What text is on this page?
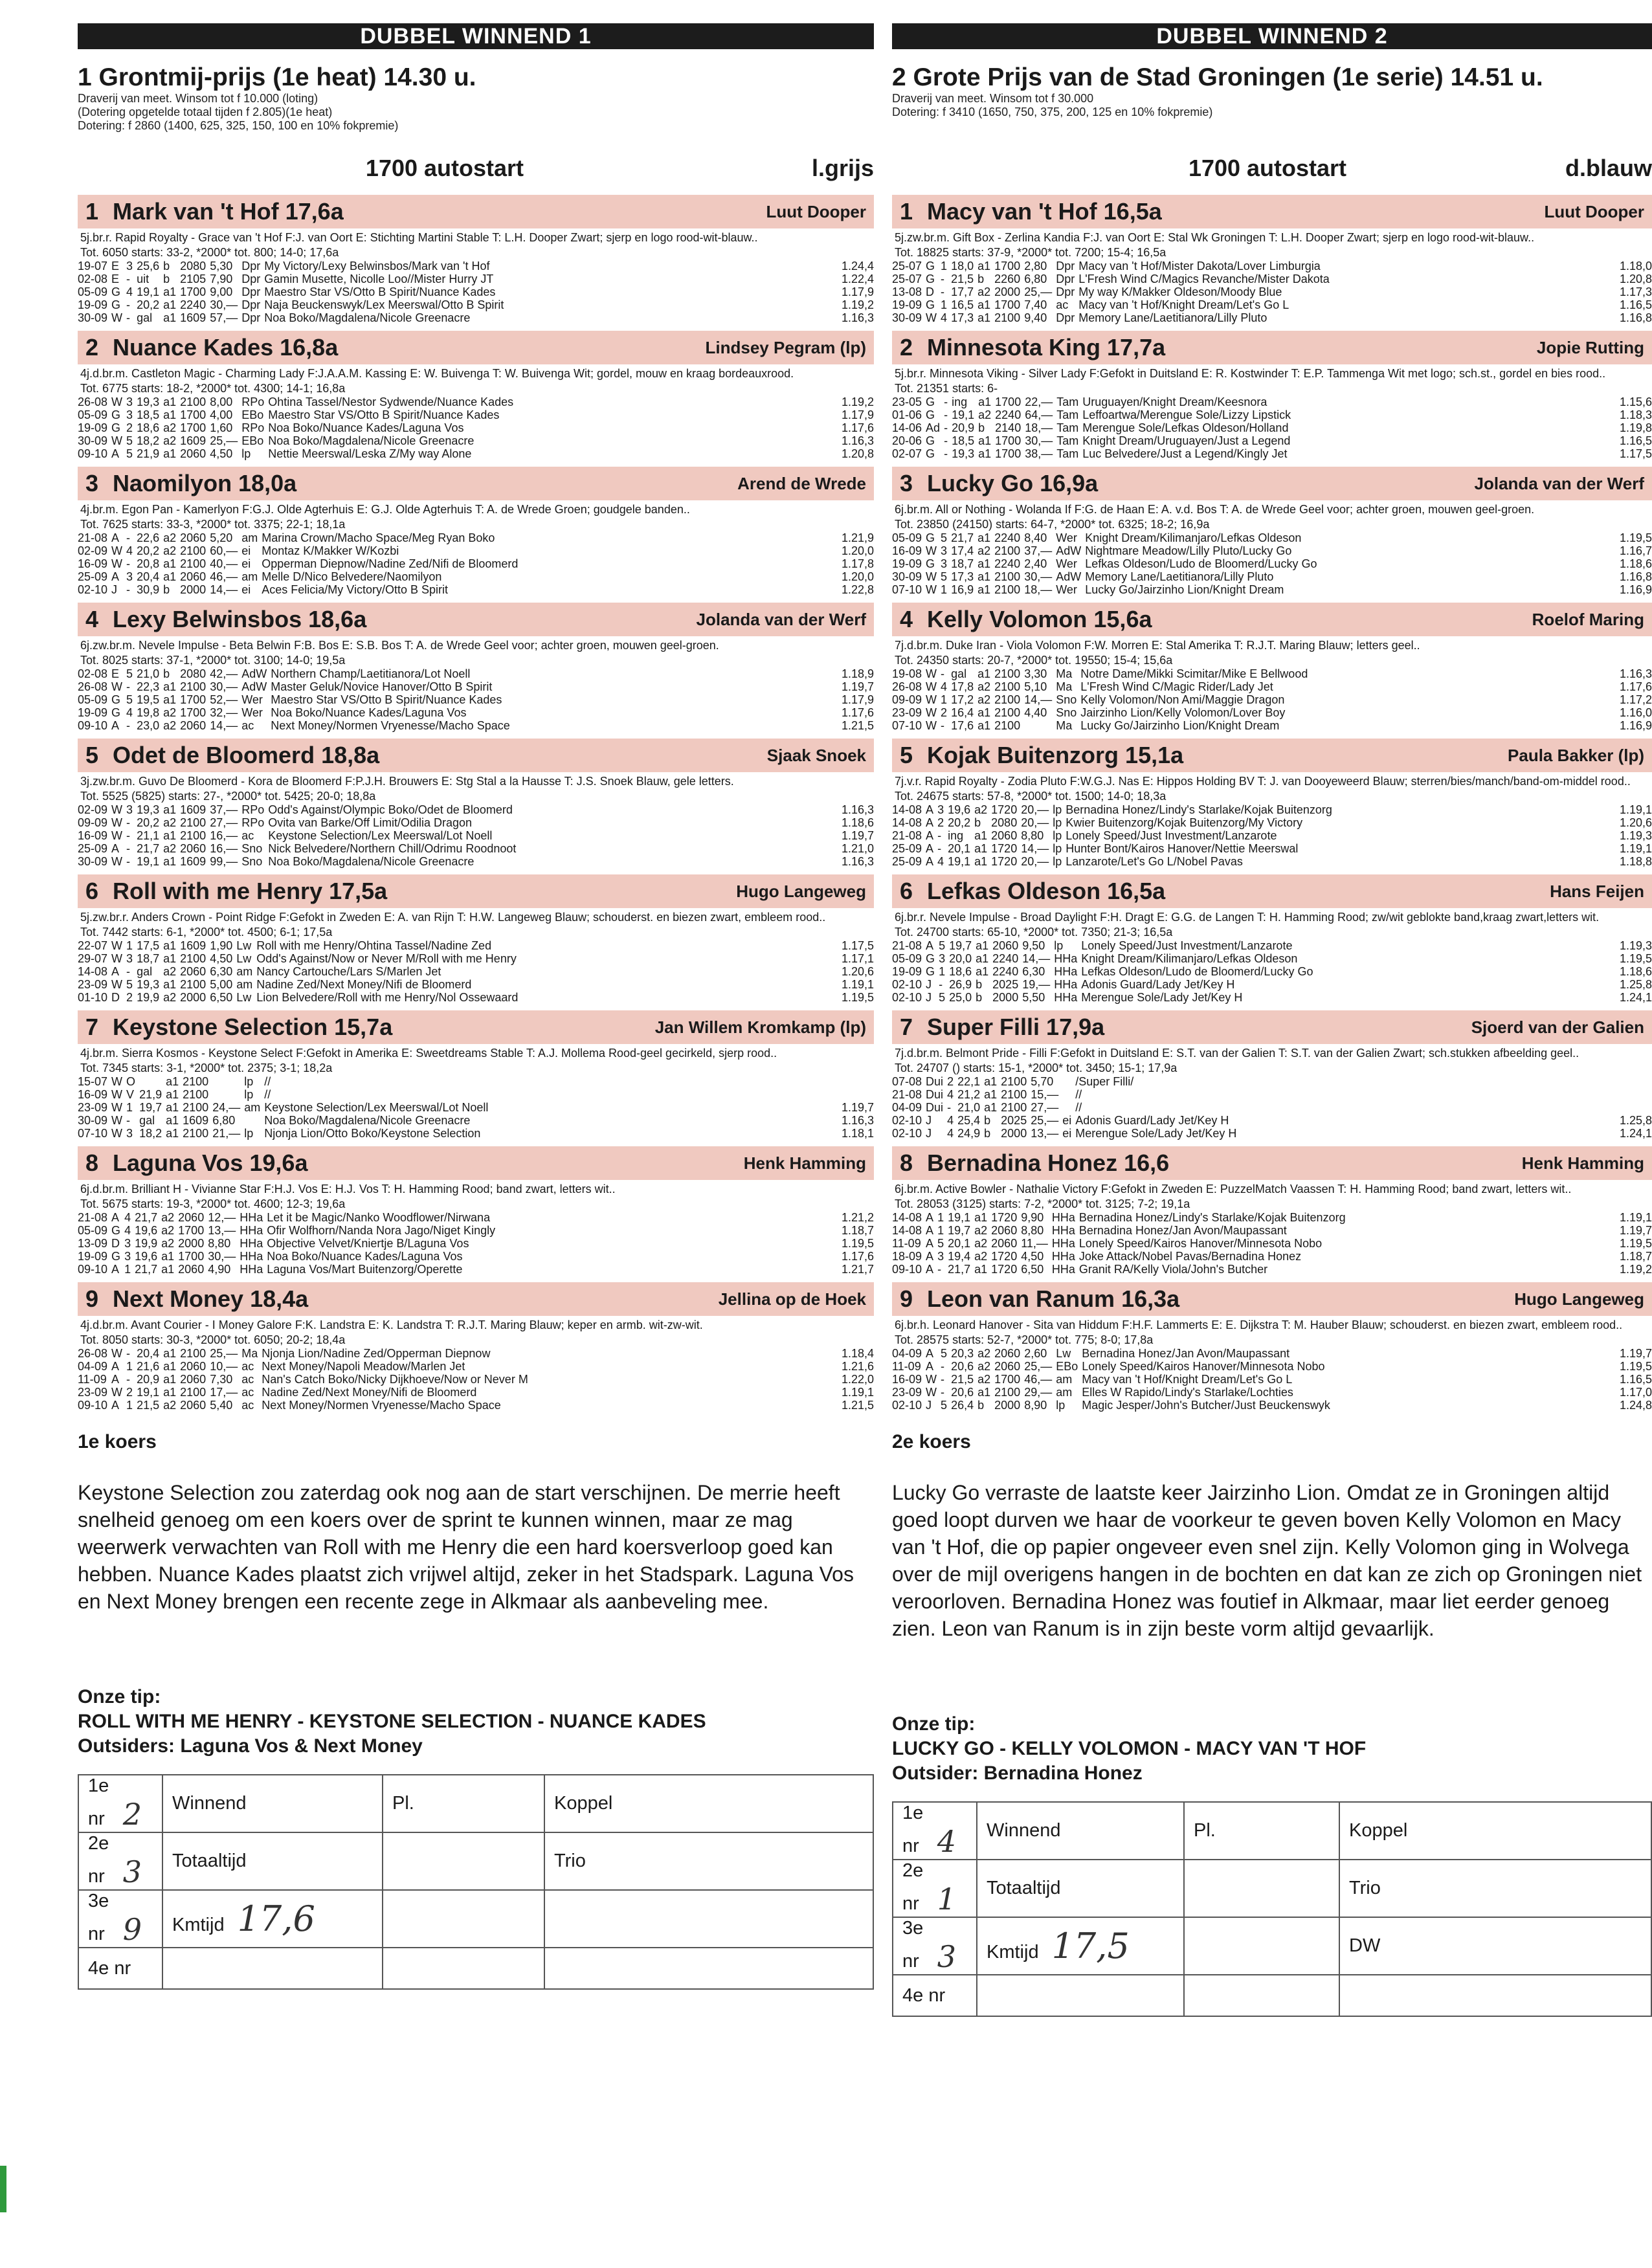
DUBBEL WINNEND 1
1 Grontmij-prijs (1e heat) 14.30 u.
Draverij van meet. Winsom tot f 10.000 (loting)
(Dotering opgetelde totaal tijden f 2.805)(1e heat)
Dotering: f 2860 (1400, 625, 325, 150, 100 en 10% fokpremie)
1700 autostart	l.grijs
1 Mark van 't Hof 17,6a	Luut Dooper
5j.br.r. Rapid Royalty - Grace van 't Hof F:J. van Oort E: Stichting Martini Stable T: L.H. Dooper Zwart; sjerp en logo rood-wit-blauw..
Tot. 6050 starts: 33-2, *2000* tot. 800; 14-0; 17,6a
19-07	E	3	25,6	b	2080	5,30	Dpr	My Victory/Lexy Belwinsbos/Mark van 't Hof	1.24,4
02-08	E	-	uit	b	2105	7,90	Dpr	Gamin Musette, Nicolle Loo//Mister Hurry JT	1.22,4
05-09	G	4	19,1	a1	1700	9,00	Dpr	Maestro Star VS/Otto B Spirit/Nuance Kades	1.17,9
19-09	G	-	20,2	a1	2240	30,—	Dpr	Naja Beuckenswyk/Lex Meerswal/Otto B Spirit	1.19,2
30-09	W	-	gal	a1	1609	57,—	Dpr	Noa Boko/Magdalena/Nicole Greenacre	1.16,3
2 Nuance Kades 16,8a	Lindsey Pegram (lp)
4j.d.br.m. Castleton Magic - Charming Lady F:J.A.A.M. Kassing E: W. Buivenga T: W. Buivenga Wit; gordel, mouw en kraag bordeauxrood.
Tot. 6775 starts: 18-2, *2000* tot. 4300; 14-1; 16,8a
26-08	W	3	19,3	a1	2100	8,00	RPo	Ohtina Tassel/Nestor Sydwende/Nuance Kades	1.19,2
05-09	G	3	18,5	a1	1700	4,00	EBo	Maestro Star VS/Otto B Spirit/Nuance Kades	1.17,9
19-09	G	2	18,6	a2	1700	1,60	RPo	Noa Boko/Nuance Kades/Laguna Vos	1.17,6
30-09	W	5	18,2	a2	1609	25,—	EBo	Noa Boko/Magdalena/Nicole Greenacre	1.16,3
09-10	A	5	21,9	a1	2060	4,50	lp	Nettie Meerswal/Leska Z/My way Alone	1.20,8
3 Naomilyon 18,0a	Arend de Wrede
4j.br.m. Egon Pan - Kamerlyon F:G.J. Olde Agterhuis E: G.J. Olde Agterhuis T: A. de Wrede Groen; goudgele banden..
Tot. 7625 starts: 33-3, *2000* tot. 3375; 22-1; 18,1a
21-08	A	-	22,6	a2	2060	5,20	am	Marina Crown/Macho Space/Meg Ryan Boko	1.21,9
02-09	W	4	20,2	a2	2100	60,—	ei	Montaz K/Makker W/Kozbi	1.20,0
16-09	W	-	20,8	a1	2100	40,—	ei	Opperman Diepnow/Nadine Zed/Nifi de Bloomerd	1.17,8
25-09	A	3	20,4	a1	2060	46,—	am	Melle D/Nico Belvedere/Naomilyon	1.20,0
02-10	J	-	30,9	b	2000	14,—	ei	Aces Felicia/My Victory/Otto B Spirit	1.22,8
4 Lexy Belwinsbos 18,6a	Jolanda van der Werf
6j.zw.br.m. Nevele Impulse - Beta Belwin F:B. Bos E: S.B. Bos T: A. de Wrede Geel voor; achter groen, mouwen geel-groen.
Tot. 8025 starts: 37-1, *2000* tot. 3100; 14-0; 19,5a
02-08	E	5	21,0	b	2080	42,—	AdW	Northern Champ/Laetitianora/Lot Noell	1.18,9
26-08	W	-	22,3	a1	2100	30,—	AdW	Master Geluk/Novice Hanover/Otto B Spirit	1.19,7
05-09	G	5	19,5	a1	1700	52,—	Wer	Maestro Star VS/Otto B Spirit/Nuance Kades	1.17,9
19-09	G	4	19,8	a2	1700	32,—	Wer	Noa Boko/Nuance Kades/Laguna Vos	1.17,6
09-10	A	-	23,0	a2	2060	14,—	ac	Next Money/Normen Vryenesse/Macho Space	1.21,5
5 Odet de Bloomerd 18,8a	Sjaak Snoek
3j.zw.br.m. Guvo De Bloomerd - Kora de Bloomerd F:P.J.H. Brouwers E: Stg Stal a la Hausse T: J.S. Snoek Blauw, gele letters.
Tot. 5525 (5825) starts: 27-, *2000* tot. 5425; 20-0; 18,8a
02-09	W	3	19,3	a1	1609	37,—	RPo	Odd's Against/Olympic Boko/Odet de Bloomerd	1.16,3
09-09	W	-	20,2	a2	2100	27,—	RPo	Ovita van Barke/Off Limit/Odilia Dragon	1.18,6
16-09	W	-	21,1	a1	2100	16,—	ac	Keystone Selection/Lex Meerswal/Lot Noell	1.19,7
25-09	A	-	21,7	a2	2060	16,—	Sno	Nick Belvedere/Northern Chill/Odrimu Roodnoot	1.21,0
30-09	W	-	19,1	a1	1609	99,—	Sno	Noa Boko/Magdalena/Nicole Greenacre	1.16,3
6 Roll with me Henry 17,5a	Hugo Langeweg
5j.zw.br.r. Anders Crown - Point Ridge F:Gefokt in Zweden E: A. van Rijn T: H.W. Langeweg Blauw; schouderst. en biezen zwart, embleem rood..
Tot. 7442 starts: 6-1, *2000* tot. 4500; 6-1; 17,5a
22-07	W	1	17,5	a1	1609	1,90	Lw	Roll with me Henry/Ohtina Tassel/Nadine Zed	1.17,5
29-07	W	3	18,7	a1	2100	4,50	Lw	Odd's Against/Now or Never M/Roll with me Henry	1.17,1
14-08	A	-	gal	a2	2060	6,30	am	Nancy Cartouche/Lars S/Marlen Jet	1.20,6
23-09	W	5	19,3	a1	2100	5,00	am	Nadine Zed/Next Money/Nifi de Bloomerd	1.19,1
01-10	D	2	19,9	a2	2000	6,50	Lw	Lion Belvedere/Roll with me Henry/Nol Ossewaard	1.19,5
7 Keystone Selection 15,7a	Jan Willem Kromkamp (lp)
4j.br.m. Sierra Kosmos - Keystone Select F:Gefokt in Amerika E: Sweetdreams Stable T: A.J. Mollema Rood-geel gecirkeld, sjerp rood..
Tot. 7345 starts: 3-1, *2000* tot. 2375; 3-1; 18,2a
15-07	W	O		a1	2100		lp	//	
16-09	W	V	21,9	a1	2100		lp	//	
23-09	W	1	19,7	a1	2100	24,—	am	Keystone Selection/Lex Meerswal/Lot Noell	1.19,7
30-09	W	-	gal	a1	1609	6,80		Noa Boko/Magdalena/Nicole Greenacre	1.16,3
07-10	W	3	18,2	a1	2100	21,—	lp	Njonja Lion/Otto Boko/Keystone Selection	1.18,1
8 Laguna Vos 19,6a	Henk Hamming
6j.d.br.m. Brilliant H - Vivianne Star F:H.J. Vos E: H.J. Vos T: H. Hamming Rood; band zwart, letters wit..
Tot. 5675 starts: 19-3, *2000* tot. 4600; 12-3; 19,6a
21-08	A	4	21,7	a2	2060	12,—	HHa	Let it be Magic/Nanko Woodflower/Nirwana	1.21,2
05-09	G	4	19,6	a2	1700	13,—	HHa	Ofir Wolfhorn/Nanda Nora Jago/Niget Kingly	1.18,7
13-09	D	3	19,9	a2	2000	8,80	HHa	Objective Velvet/Kniertje B/Laguna Vos	1.19,5
19-09	G	3	19,6	a1	1700	30,—	HHa	Noa Boko/Nuance Kades/Laguna Vos	1.17,6
09-10	A	1	21,7	a1	2060	4,90	HHa	Laguna Vos/Mart Buitenzorg/Operette	1.21,7
9 Next Money 18,4a	Jellina op de Hoek
4j.d.br.m. Avant Courier - I Money Galore F:K. Landstra E: K. Landstra T: R.J.T. Maring Blauw; keper en armb. wit-zw-wit.
Tot. 8050 starts: 30-3, *2000* tot. 6050; 20-2; 18,4a
26-08	W	-	20,4	a1	2100	25,—	Ma	Njonja Lion/Nadine Zed/Opperman Diepnow	1.18,4
04-09	A	1	21,6	a1	2060	10,—	ac	Next Money/Napoli Meadow/Marlen Jet	1.21,6
11-09	A	-	20,9	a1	2060	7,30	ac	Nan's Catch Boko/Nicky Dijkhoeve/Now or Never M	1.22,0
23-09	W	2	19,1	a1	2100	17,—	ac	Nadine Zed/Next Money/Nifi de Bloomerd	1.19,1
09-10	A	1	21,5	a2	2060	5,40	ac	Next Money/Normen Vryenesse/Macho Space	1.21,5
1e koers
Keystone Selection zou zaterdag ook nog aan de start verschijnen. De merrie heeft snelheid genoeg om een koers over de sprint te kunnen winnen, maar ze mag weerwerk verwachten van Roll with me Henry die een hard koersverloop goed kan hebben. Nuance Kades plaatst zich vrijwel altijd, zeker in het Stadspark. Laguna Vos en Next Money brengen een recente zege in Alkmaar als aanbeveling mee.
Onze tip:
ROLL WITH ME HENRY - KEYSTONE SELECTION - NUANCE KADES
Outsiders: Laguna Vos & Next Money
1e nr 2	Winnend	Pl.	Koppel
2e nr 3	Totaaltijd		Trio
3e nr 9	Kmtijd 17,6		
4e nr			
DUBBEL WINNEND 2
2 Grote Prijs van de Stad Groningen (1e serie) 14.51 u.
Draverij van meet. Winsom tot f 30.000
Dotering: f 3410 (1650, 750, 375, 200, 125 en 10% fokpremie)
1700 autostart	d.blauw
1 Macy van 't Hof 16,5a	Luut Dooper
5j.zw.br.m. Gift Box - Zerlina Kandia F:J. van Oort E: Stal Wk Groningen T: L.H. Dooper Zwart; sjerp en logo rood-wit-blauw..
Tot. 18825 starts: 37-9, *2000* tot. 7200; 15-4; 16,5a
25-07	G	1	18,0	a1	1700	2,80	Dpr	Macy van 't Hof/Mister Dakota/Lover Limburgia	1.18,0
25-07	G	-	21,5	b	2260	6,80	Dpr	L'Fresh Wind C/Magics Revanche/Mister Dakota	1.20,8
13-08	D	-	17,7	a2	2000	25,—	Dpr	My way K/Makker Oldeson/Moody Blue	1.17,3
19-09	G	1	16,5	a1	1700	7,40	ac	Macy van 't Hof/Knight Dream/Let's Go L	1.16,5
30-09	W	4	17,3	a1	2100	9,40	Dpr	Memory Lane/Laetitianora/Lilly Pluto	1.16,8
2 Minnesota King 17,7a	Jopie Rutting
5j.br.r. Minnesota Viking - Silver Lady F:Gefokt in Duitsland E: R. Kostwinder T: E.P. Tammenga Wit met logo; sch.st., gordel en bies rood..
Tot. 21351 starts: 6-
23-05	G	-	ing	a1	1700	22,—	Tam	Uruguayen/Knight Dream/Keesnora	1.15,6
01-06	G	-	19,1	a2	2240	64,—	Tam	Leffoartwa/Merengue Sole/Lizzy Lipstick	1.18,3
14-06	Ad	-	20,9	b	2140	18,—	Tam	Merengue Sole/Lefkas Oldeson/Holland	1.19,8
20-06	G	-	18,5	a1	1700	30,—	Tam	Knight Dream/Uruguayen/Just a Legend	1.16,5
02-07	G	-	19,3	a1	1700	38,—	Tam	Luc Belvedere/Just a Legend/Kingly Jet	1.17,5
3 Lucky Go 16,9a	Jolanda van der Werf
6j.br.m. All or Nothing - Wolanda If F:G. de Haan E: A. v.d. Bos T: A. de Wrede Geel voor; achter groen, mouwen geel-groen.
Tot. 23850 (24150) starts: 64-7, *2000* tot. 6325; 18-2; 16,9a
05-09	G	5	21,7	a1	2240	8,40	Wer	Knight Dream/Kilimanjaro/Lefkas Oldeson	1.19,5
16-09	W	3	17,4	a2	2100	37,—	AdW	Nightmare Meadow/Lilly Pluto/Lucky Go	1.16,7
19-09	G	3	18,7	a1	2240	2,40	Wer	Lefkas Oldeson/Ludo de Bloomerd/Lucky Go	1.18,6
30-09	W	5	17,3	a1	2100	30,—	AdW	Memory Lane/Laetitianora/Lilly Pluto	1.16,8
07-10	W	1	16,9	a1	2100	18,—	Wer	Lucky Go/Jairzinho Lion/Knight Dream	1.16,9
4 Kelly Volomon 15,6a	Roelof Maring
7j.d.br.m. Duke Iran - Viola Volomon F:W. Morren E: Stal Amerika T: R.J.T. Maring Blauw; letters geel..
Tot. 24350 starts: 20-7, *2000* tot. 19550; 15-4; 15,6a
19-08	W	-	gal	a1	2100	3,30	Ma	Notre Dame/Mikki Scimitar/Mike E Bellwood	1.16,3
26-08	W	4	17,8	a2	2100	5,10	Ma	L'Fresh Wind C/Magic Rider/Lady Jet	1.17,6
09-09	W	1	17,2	a2	2100	14,—	Sno	Kelly Volomon/Non Ami/Maggie Dragon	1.17,2
23-09	W	2	16,4	a1	2100	4,40	Sno	Jairzinho Lion/Kelly Volomon/Lover Boy	1.16,0
07-10	W	-	17,6	a1	2100		Ma	Lucky Go/Jairzinho Lion/Knight Dream	1.16,9
5 Kojak Buitenzorg 15,1a	Paula Bakker (lp)
7j.v.r. Rapid Royalty - Zodia Pluto F:W.G.J. Nas E: Hippos Holding BV T: J. van Dooyeweerd Blauw; sterren/bies/manch/band-om-middel rood..
Tot. 24675 starts: 57-8, *2000* tot. 1500; 14-0; 18,3a
14-08	A	3	19,6	a2	1720	20,—	lp	Bernadina Honez/Lindy's Starlake/Kojak Buitenzorg	1.19,1
14-08	A	2	20,2	b	2080	20,—	lp	Kwier Buitenzorg/Kojak Buitenzorg/My Victory	1.20,6
21-08	A	-	ing	a1	2060	8,80	lp	Lonely Speed/Just Investment/Lanzarote	1.19,3
25-09	A	-	20,1	a1	1720	14,—	lp	Hunter Bont/Kairos Hanover/Nettie Meerswal	1.19,1
25-09	A	4	19,1	a1	1720	20,—	lp	Lanzarote/Let's Go L/Nobel Pavas	1.18,8
6 Lefkas Oldeson 16,5a	Hans Feijen
6j.br.r. Nevele Impulse - Broad Daylight F:H. Dragt E: G.G. de Langen T: H. Hamming Rood; zw/wit geblokte band,kraag zwart,letters wit.
Tot. 24700 starts: 65-10, *2000* tot. 7350; 21-3; 16,5a
21-08	A	5	19,7	a1	2060	9,50	lp	Lonely Speed/Just Investment/Lanzarote	1.19,3
05-09	G	3	20,0	a1	2240	14,—	HHa	Knight Dream/Kilimanjaro/Lefkas Oldeson	1.19,5
19-09	G	1	18,6	a1	2240	6,30	HHa	Lefkas Oldeson/Ludo de Bloomerd/Lucky Go	1.18,6
02-10	J	-	26,9	b	2025	19,—	HHa	Adonis Guard/Lady Jet/Key H	1.25,8
02-10	J	5	25,0	b	2000	5,50	HHa	Merengue Sole/Lady Jet/Key H	1.24,1
7 Super Filli 17,9a	Sjoerd van der Galien
7j.d.br.m. Belmont Pride - Filli F:Gefokt in Duitsland E: S.T. van der Galien T: S.T. van der Galien Zwart; sch.stukken afbeelding geel..
Tot. 24707 () starts: 15-1, *2000* tot. 3450; 15-1; 17,9a
07-08	Dui	2	22,1	a1	2100	5,70		/Super Filli/	
21-08	Dui	4	21,2	a1	2100	15,—		//	
04-09	Dui	-	21,0	a1	2100	27,—		//	
02-10	J	4	25,4	b	2025	25,—	ei	Adonis Guard/Lady Jet/Key H	1.25,8
02-10	J	4	24,9	b	2000	13,—	ei	Merengue Sole/Lady Jet/Key H	1.24,1
8 Bernadina Honez 16,6	Henk Hamming
6j.br.m. Active Bowler - Nathalie Victory F:Gefokt in Zweden E: PuzzelMatch Vaassen T: H. Hamming Rood; band zwart, letters wit..
Tot. 28053 (3125) starts: 7-2, *2000* tot. 3125; 7-2; 19,1a
14-08	A	1	19,1	a1	1720	9,90	HHa	Bernadina Honez/Lindy's Starlake/Kojak Buitenzorg	1.19,1
14-08	A	1	19,7	a2	2060	8,80	HHa	Bernadina Honez/Jan Avon/Maupassant	1.19,7
11-09	A	5	20,1	a2	2060	11,—	HHa	Lonely Speed/Kairos Hanover/Minnesota Nobo	1.19,5
18-09	A	3	19,4	a2	1720	4,50	HHa	Joke Attack/Nobel Pavas/Bernadina Honez	1.18,7
09-10	A	-	21,7	a1	1720	6,50	HHa	Granit RA/Kelly Viola/John's Butcher	1.19,2
9 Leon van Ranum 16,3a	Hugo Langeweg
6j.br.h. Leonard Hanover - Sita van Hiddum F:H.F. Lammerts E: E. Dijkstra T: M. Hauber Blauw; schouderst. en biezen zwart, embleem rood..
Tot. 28575 starts: 52-7, *2000* tot. 775; 8-0; 17,8a
04-09	A	5	20,3	a2	2060	2,60	Lw	Bernadina Honez/Jan Avon/Maupassant	1.19,7
11-09	A	-	20,6	a2	2060	25,—	EBo	Lonely Speed/Kairos Hanover/Minnesota Nobo	1.19,5
16-09	W	-	21,5	a2	1700	46,—	am	Macy van 't Hof/Knight Dream/Let's Go L	1.16,5
23-09	W	-	20,6	a1	2100	29,—	am	Elles W Rapido/Lindy's Starlake/Lochties	1.17,0
02-10	J	5	26,4	b	2000	8,90	lp	Magic Jesper/John's Butcher/Just Beuckenswyk	1.24,8
2e koers
Lucky Go verraste de laatste keer Jairzinho Lion. Omdat ze in Groningen altijd goed loopt durven we haar de voorkeur te geven boven Kelly Volomon en Macy van 't Hof, die op papier ongeveer even snel zijn. Kelly Volomon ging in Wolvega over de mijl overigens hangen in de bochten en dat kan ze zich op Groningen niet veroorloven. Bernadina Honez was foutief in Alkmaar, maar liet eerder genoeg zien. Leon van Ranum is in zijn beste vorm altijd gevaarlijk.
Onze tip:
LUCKY GO - KELLY VOLOMON - MACY VAN 'T HOF
Outsider: Bernadina Honez
1e nr 4	Winnend	Pl.	Koppel
2e nr 1	Totaaltijd		Trio
3e nr 3	Kmtijd 17,5		DW
4e nr			
